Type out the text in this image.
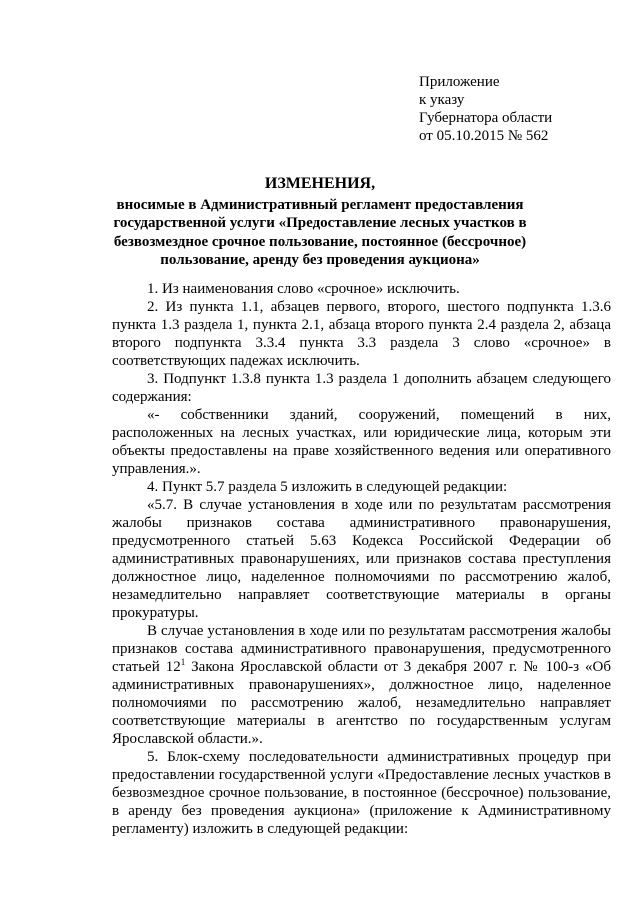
Приложение
к указу
Губернатора области
от 05.10.2015 № 562
ИЗМЕНЕНИЯ,
вносимые в Административный регламент предоставления
государственной услуги «Предоставление лесных участков в
безвозмездное срочное пользование, постоянное (бессрочное)
пользование, аренду без проведения аукциона»

1. Из наименования слово «срочное» исключить.

2. Из пункта 1.1, абзацев первого, второго, шестого подпункта 1.3.6 пункта 1.3 раздела 1, пункта 2.1, абзаца второго пункта 2.4 раздела 2, абзаца второго подпункта 3.3.4 пункта 3.3 раздела 3 слово «срочное» в соответствующих падежах исключить.

3. Подпункт 1.3.8 пункта 1.3 раздела 1 дополнить абзацем следующего содержания:

«- собственники зданий, сооружений, помещений в них, расположенных на лесных участках, или юридические лица, которым эти объекты предоставлены на праве хозяйственного ведения или оперативного управления.».

4. Пункт 5.7 раздела 5 изложить в следующей редакции:

«5.7. В случае установления в ходе или по результатам рассмотрения жалобы признаков состава административного правонарушения, предусмотренного статьей 5.63 Кодекса Российской Федерации об административных правонарушениях, или признаков состава преступления должностное лицо, наделенное полномочиями по рассмотрению жалоб, незамедлительно направляет соответствующие материалы в органы прокуратуры.

В случае установления в ходе или по результатам рассмотрения жалобы признаков состава административного правонарушения, предусмотренного статьей $12^1$ Закона Ярославской области от 3 декабря 2007 г. № 100-з «Об административных правонарушениях», должностное лицо, наделенное полномочиями по рассмотрению жалоб, незамедлительно направляет соответствующие материалы в агентство по государственным услугам Ярославской области.».

5. Блок-схему последовательности административных процедур при предоставлении государственной услуги «Предоставление лесных участков в безвозмездное срочное пользование, в постоянное (бессрочное) пользование, в аренду без проведения аукциона» (приложение к Административному регламенту) изложить в следующей редакции:
